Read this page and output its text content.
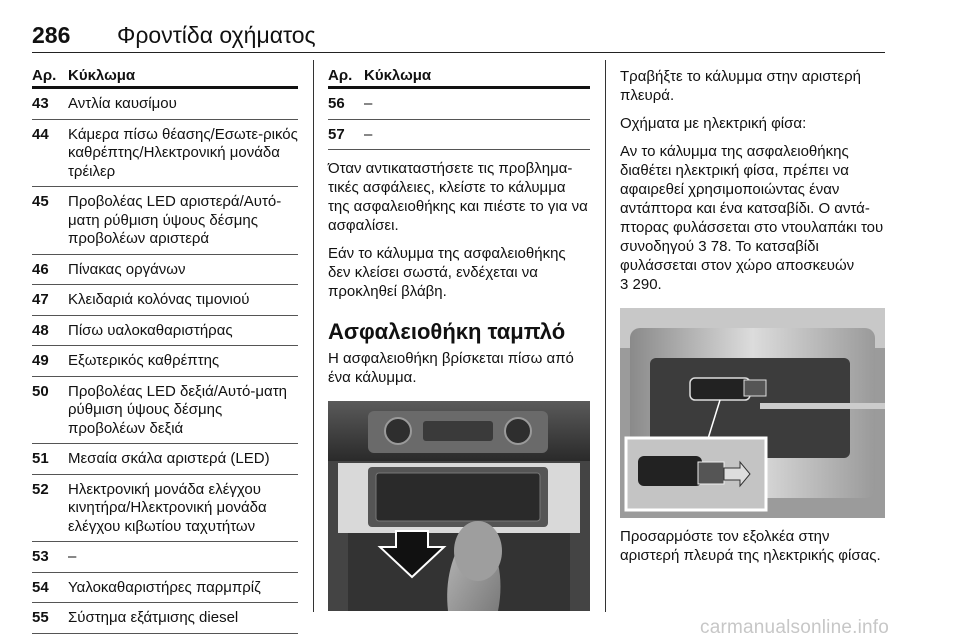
286 Φροντίδα οχήματος
Αρ. Κύκλωμα
43 Αντλία καυσίμου
44 Κάμερα πίσω θέασης/Εσωτε-ρικός καθρέπτης/Ηλεκτρονική μονάδα τρέιλερ
45 Προβολέας LED αριστερά/Αυτό-ματη ρύθμιση ύψους δέσμης προβολέων αριστερά
46 Πίνακας οργάνων
47 Κλειδαριά κολόνας τιμονιού
48 Πίσω υαλοκαθαριστήρας
49 Εξωτερικός καθρέπτης
50 Προβολέας LED δεξιά/Αυτό-ματη ρύθμιση ύψους δέσμης προβολέων δεξιά
51 Μεσαία σκάλα αριστερά (LED)
52 Ηλεκτρονική μονάδα ελέγχου κινητήρα/Ηλεκτρονική μονάδα ελέγχου κιβωτίου ταχυτήτων
53 –
54 Υαλοκαθαριστήρες παρμπρίζ
55 Σύστημα εξάτμισης diesel
Αρ. Κύκλωμα
56 –
57 –

Όταν αντικαταστήσετε τις προβλημα-τικές ασφάλειες, κλείστε το κάλυμμα της ασφαλειοθήκης και πιέστε το για να ασφαλίσει.

Εάν το κάλυμμα της ασφαλειοθήκης δεν κλείσει σωστά, ενδέχεται να προκληθεί βλάβη.

Ασφαλειοθήκη ταμπλό

Η ασφαλειοθήκη βρίσκεται πίσω από ένα κάλυμμα.

Τραβήξτε το κάλυμμα στην αριστερή πλευρά.

Οχήματα με ηλεκτρική φίσα:

Αν το κάλυμμα της ασφαλειοθήκης διαθέτει ηλεκτρική φίσα, πρέπει να αφαιρεθεί χρησιμοποιώντας έναν αντάπτορα και ένα κατσαβίδι. Ο αντά-πτορας φυλάσσεται στο ντουλαπάκι του συνοδηγού 3 78. Το κατσαβίδι φυλάσσεται στον χώρο αποσκευών
3 290.

Προσαρμόστε τον εξολκέα στην αριστερή πλευρά της ηλεκτρικής φίσας.

carmanualsonline.info
